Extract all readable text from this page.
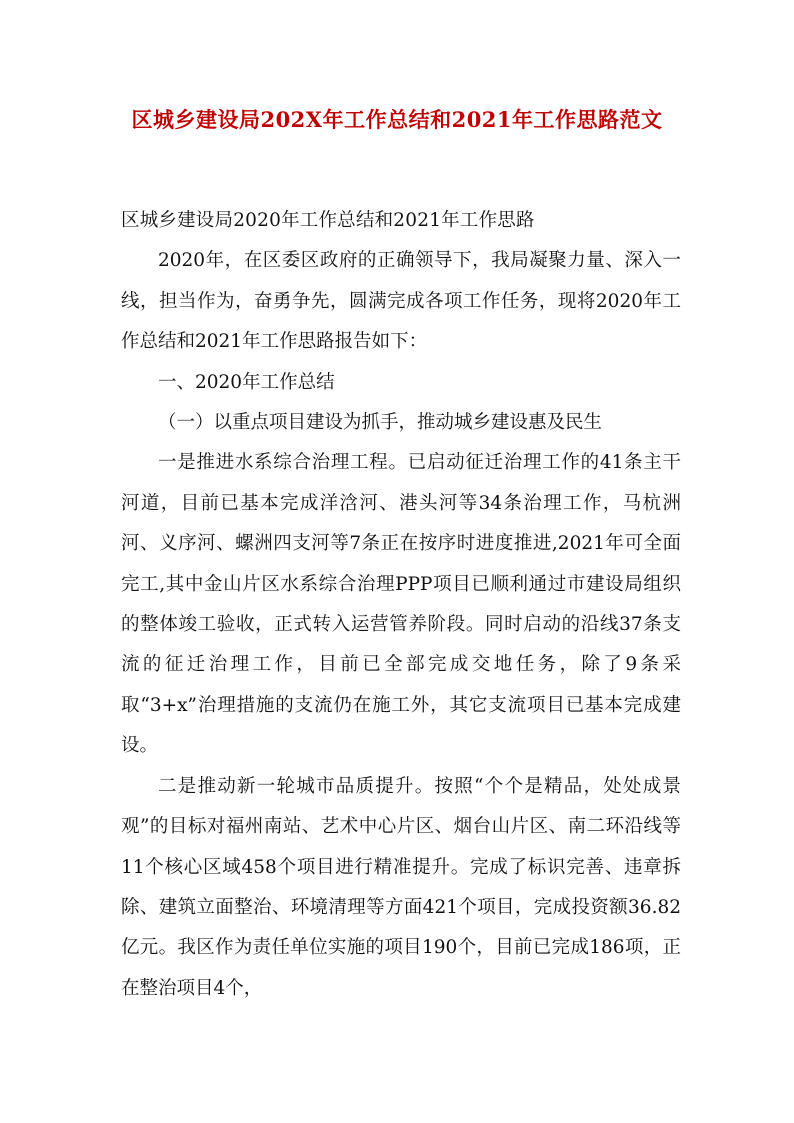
区城乡建设局202X年工作总结和2021年工作思路范文

区城乡建设局2020年工作总结和2021年工作思路

2020年，在区委区政府的正确领导下，我局凝聚力量、深入一线，担当作为，奋勇争先，圆满完成各项工作任务，现将2020年工作总结和2021年工作思路报告如下：

一、2020年工作总结

（一）以重点项目建设为抓手，推动城乡建设惠及民生

一是推进水系综合治理工程。已启动征迁治理工作的41条主干河道，目前已基本完成洋浛河、港头河等34条治理工作，马杭洲河、义序河、螺洲四支河等7条正在按序时进度推进,2021年可全面完工,其中金山片区水系综合治理PPP项目已顺利通过市建设局组织的整体竣工验收，正式转入运营管养阶段。同时启动的沿线37条支流的征迁治理工作，目前已全部完成交地任务，除了9条采取“3+x”治理措施的支流仍在施工外，其它支流项目已基本完成建设。

二是推动新一轮城市品质提升。按照“个个是精品，处处成景观”的目标对福州南站、艺术中心片区、烟台山片区、南二环沿线等11个核心区域458个项目进行精准提升。完成了标识完善、违章拆除、建筑立面整治、环境清理等方面421个项目，完成投资额36.82亿元。我区作为责任单位实施的项目190个，目前已完成186项，正在整治项目4个，
